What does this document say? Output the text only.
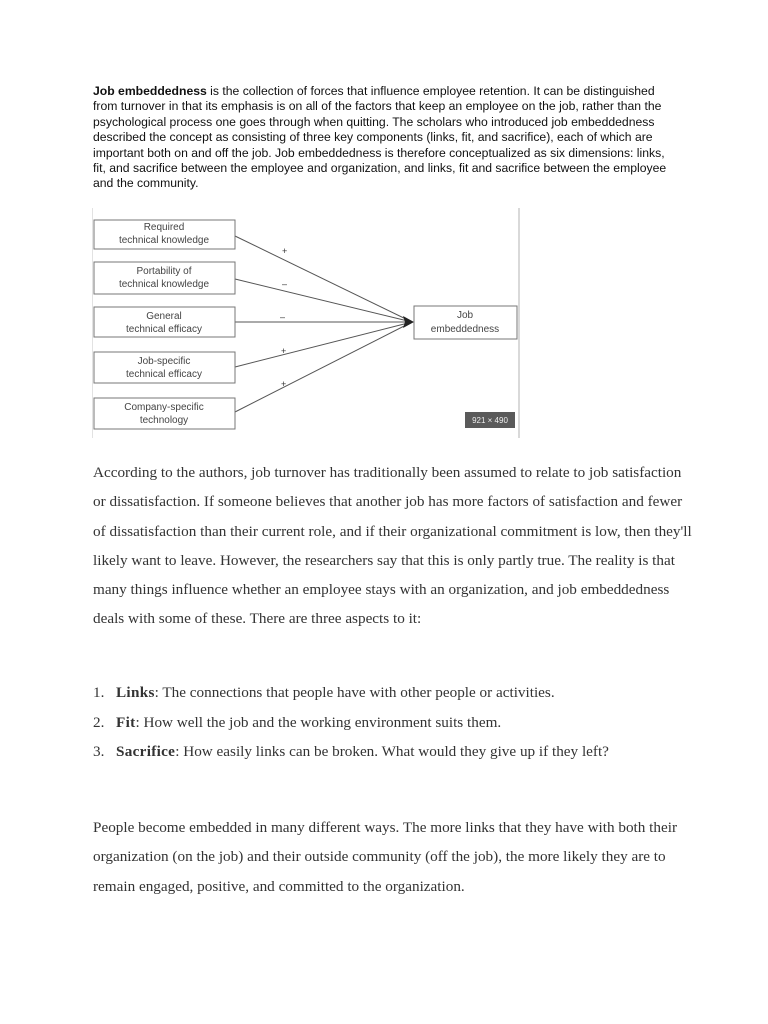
Job embeddedness is the collection of forces that influence employee retention. It can be distinguished from turnover in that its emphasis is on all of the factors that keep an employee on the job, rather than the psychological process one goes through when quitting. The scholars who introduced job embeddedness described the concept as consisting of three key components (links, fit, and sacrifice), each of which are important both on and off the job. Job embeddedness is therefore conceptualized as six dimensions: links, fit, and sacrifice between the employee and organization, and links, fit and sacrifice between the employee and the community.

+
–
–
+
+
Required
technical knowledge
Portability of
technical knowledge
General
technical efficacy
Job-specific
technical efficacy
Company-specific
technology
Job
embeddedness
921 × 490

According to the authors, job turnover has traditionally been assumed to relate to job satisfaction or dissatisfaction. If someone believes that another job has more factors of satisfaction and fewer of dissatisfaction than their current role, and if their organizational commitment is low, then they'll likely want to leave. However, the researchers say that this is only partly true. The reality is that many things influence whether an employee stays with an organization, and job embeddedness deals with some of these. There are three aspects to it:

1. Links: The connections that people have with other people or activities.
2. Fit: How well the job and the working environment suits them.
3. Sacrifice: How easily links can be broken. What would they give up if they left?

People become embedded in many different ways. The more links that they have with both their organization (on the job) and their outside community (off the job), the more likely they are to remain engaged, positive, and committed to the organization.
